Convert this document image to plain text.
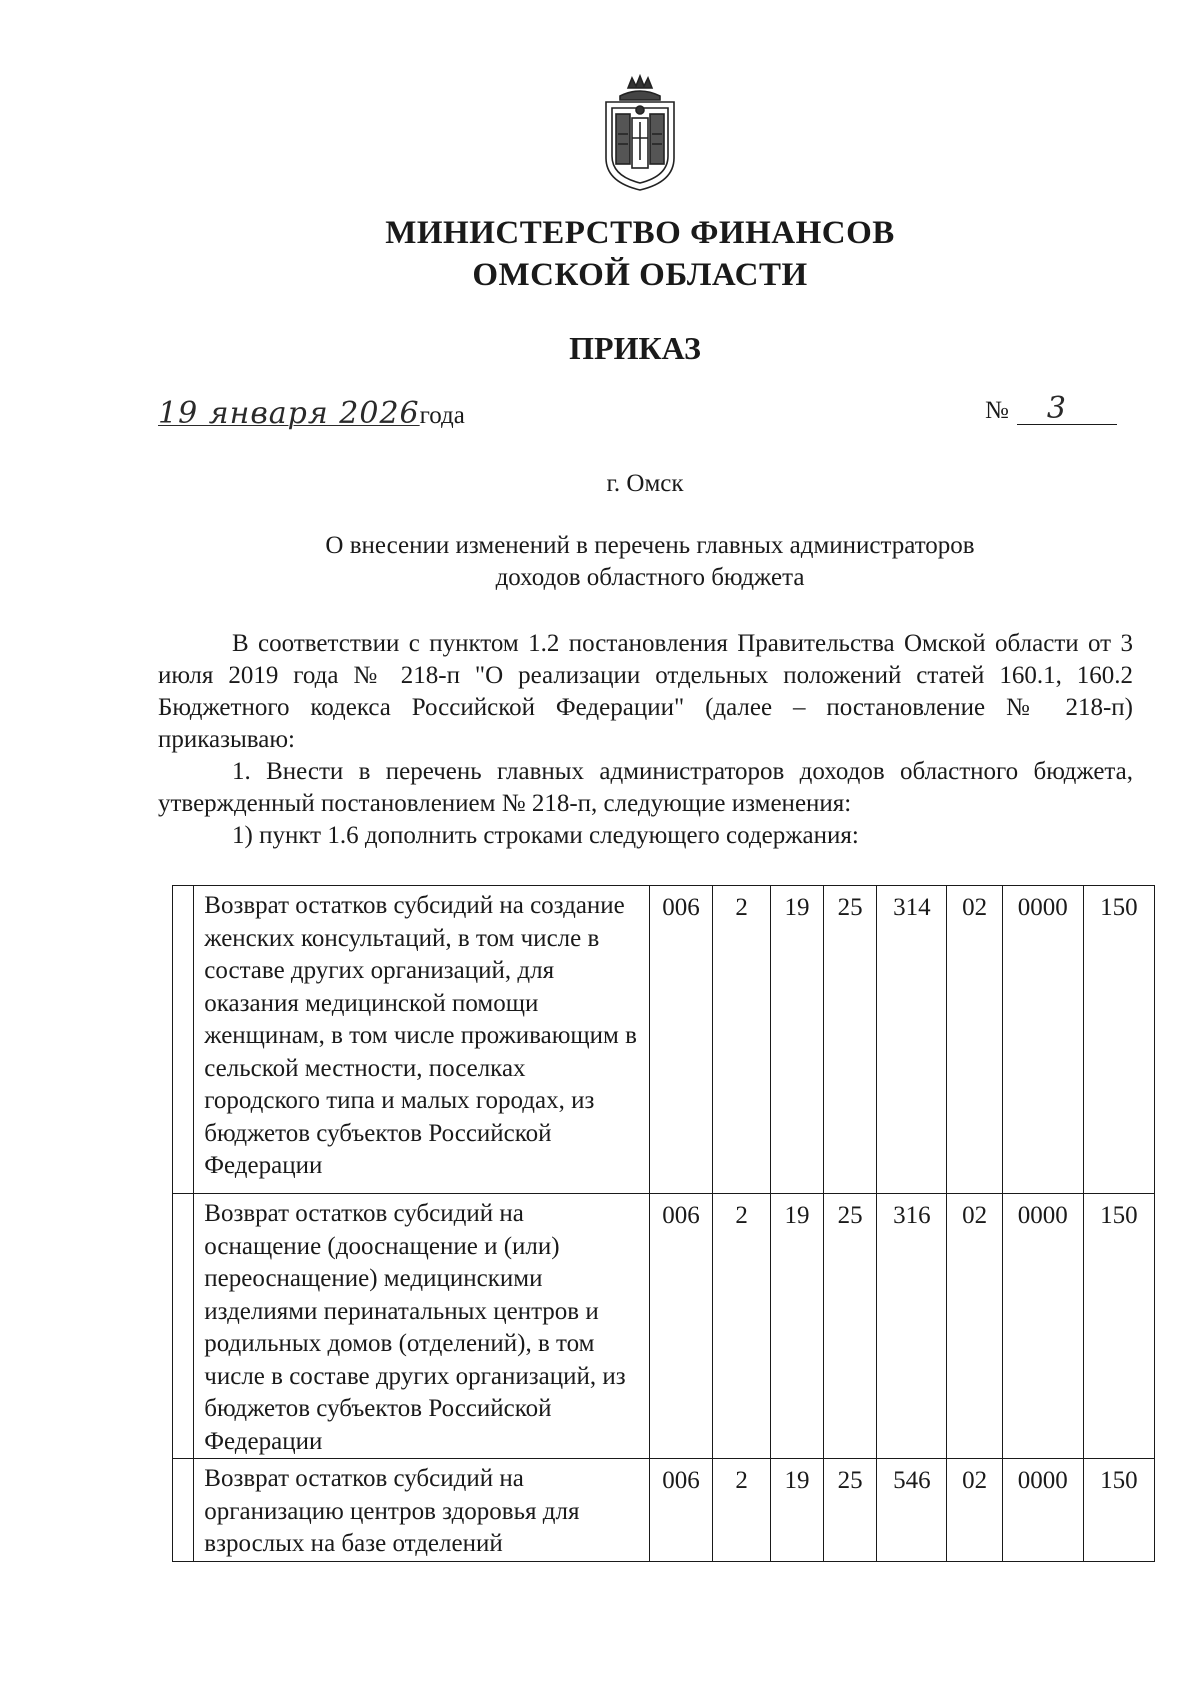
МИНИСТЕРСТВО ФИНАНСОВ
ОМСКОЙ ОБЛАСТИ
ПРИКАЗ
19 января 2026 года	№	3
г. Омск
О внесении изменений в перечень главных администраторов
доходов областного бюджета

В соответствии с пунктом 1.2 постановления Правительства Омской области от 3 июля 2019 года № 218-п "О реализации отдельных положений статей 160.1, 160.2 Бюджетного кодекса Российской Федерации" (далее – постановление № 218-п) приказываю:

1. Внести в перечень главных администраторов доходов областного бюджета, утвержденный постановлением № 218-п, следующие изменения:

1) пункт 1.6 дополнить строками следующего содержания:

	Возврат остатков субсидий на создание женских консультаций, в том числе в составе других организаций, для оказания медицинской помощи женщинам, в том числе проживающим в сельской местности, поселках городского типа и малых городах, из бюджетов субъектов Российской Федерации	006	2	19	25	314	02	0000	150
	Возврат остатков субсидий на оснащение (дооснащение и (или) переоснащение) медицинскими изделиями перинатальных центров и родильных домов (отделений), в том числе в составе других организаций, из бюджетов субъектов Российской Федерации	006	2	19	25	316	02	0000	150
	Возврат остатков субсидий на организацию центров здоровья для взрослых на базе отделений	006	2	19	25	546	02	0000	150
